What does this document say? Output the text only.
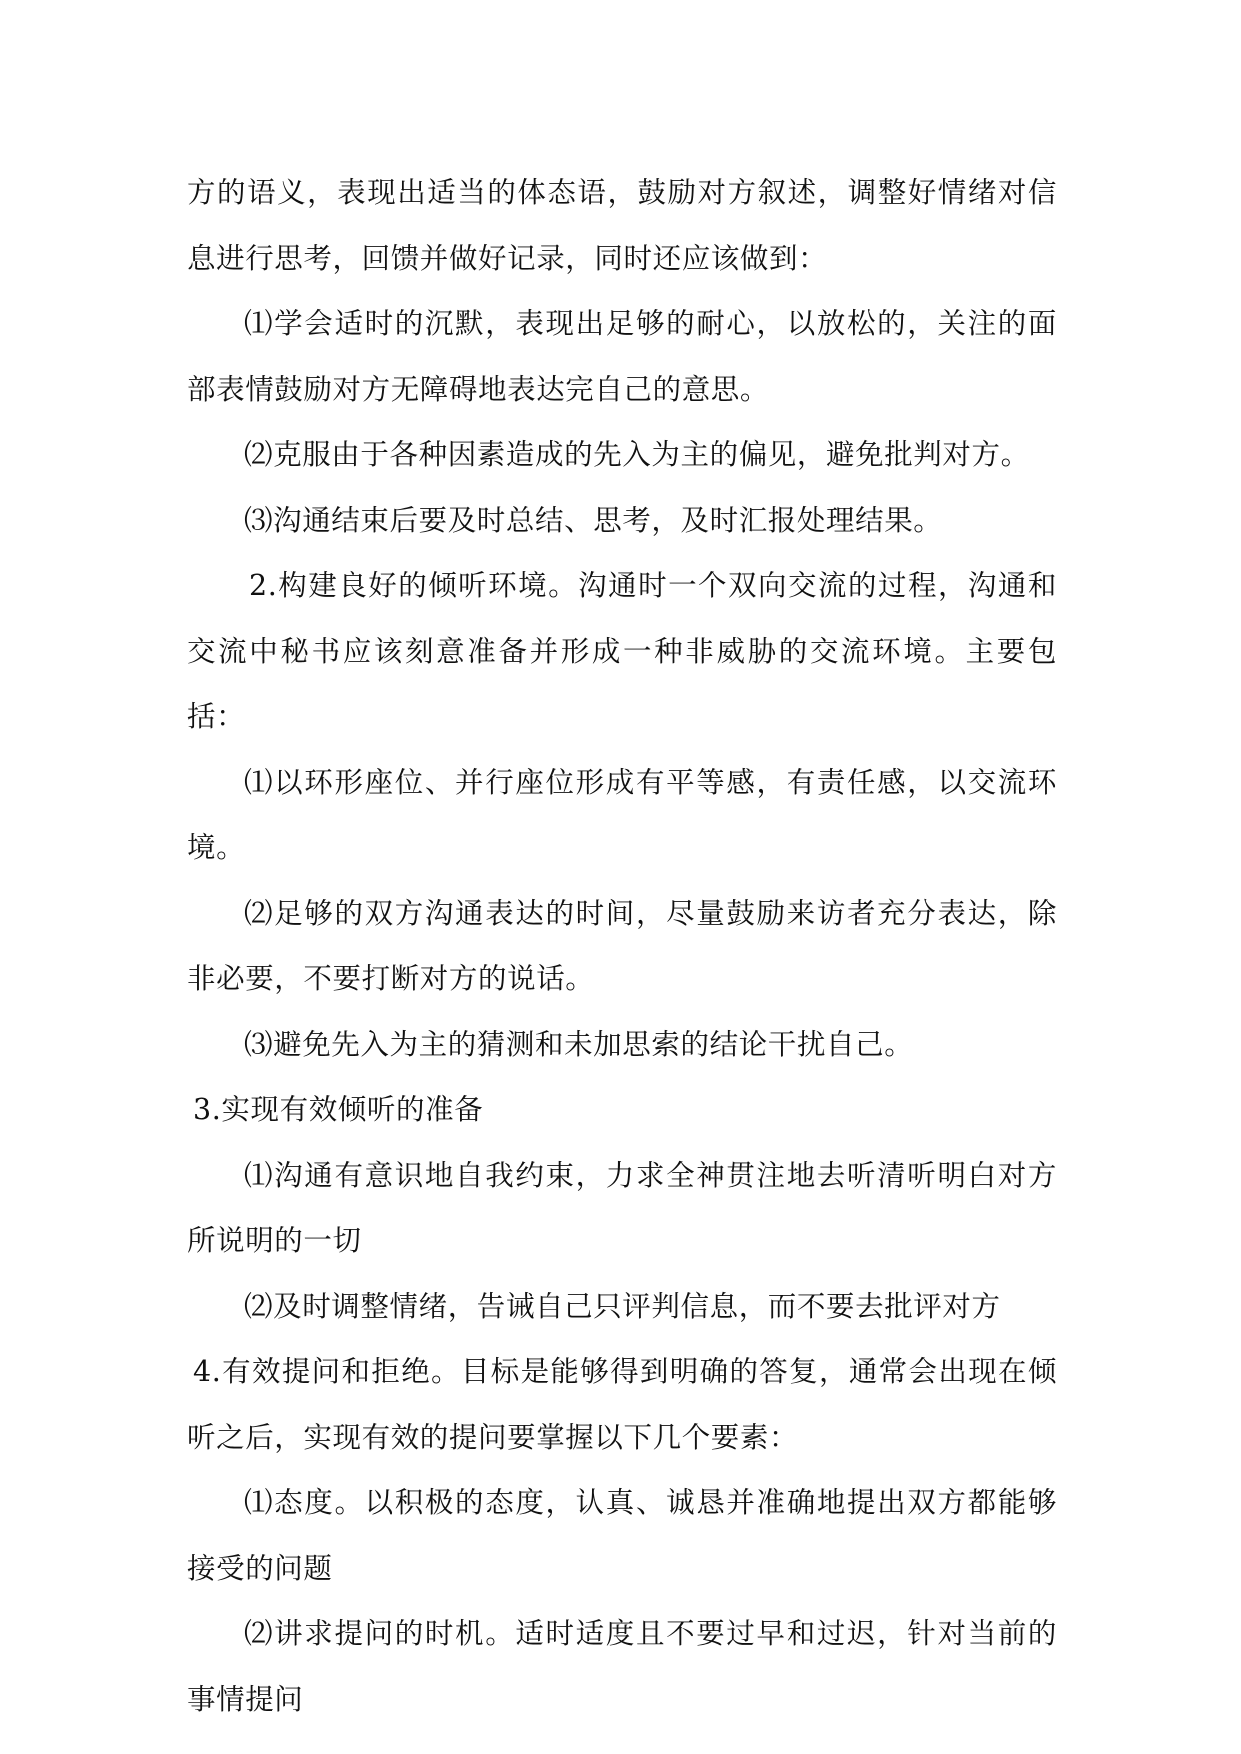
方的语义，表现出适当的体态语，鼓励对方叙述，调整好情绪对信息进行思考，回馈并做好记录，同时还应该做到：

⑴学会适时的沉默，表现出足够的耐心，以放松的，关注的面部表情鼓励对方无障碍地表达完自己的意思。

⑵克服由于各种因素造成的先入为主的偏见，避免批判对方。

⑶沟通结束后要及时总结、思考，及时汇报处理结果。

2.构建良好的倾听环境。沟通时一个双向交流的过程，沟通和交流中秘书应该刻意准备并形成一种非威胁的交流环境。主要包括：

⑴以环形座位、并行座位形成有平等感，有责任感，以交流环境。

⑵足够的双方沟通表达的时间，尽量鼓励来访者充分表达，除非必要，不要打断对方的说话。

⑶避免先入为主的猜测和未加思索的结论干扰自己。

3.实现有效倾听的准备

⑴沟通有意识地自我约束，力求全神贯注地去听清听明白对方所说明的一切

⑵及时调整情绪，告诫自己只评判信息，而不要去批评对方

4.有效提问和拒绝。目标是能够得到明确的答复，通常会出现在倾听之后，实现有效的提问要掌握以下几个要素：

⑴态度。以积极的态度，认真、诚恳并准确地提出双方都能够接受的问题

⑵讲求提问的时机。适时适度且不要过早和过迟，针对当前的事情提问
